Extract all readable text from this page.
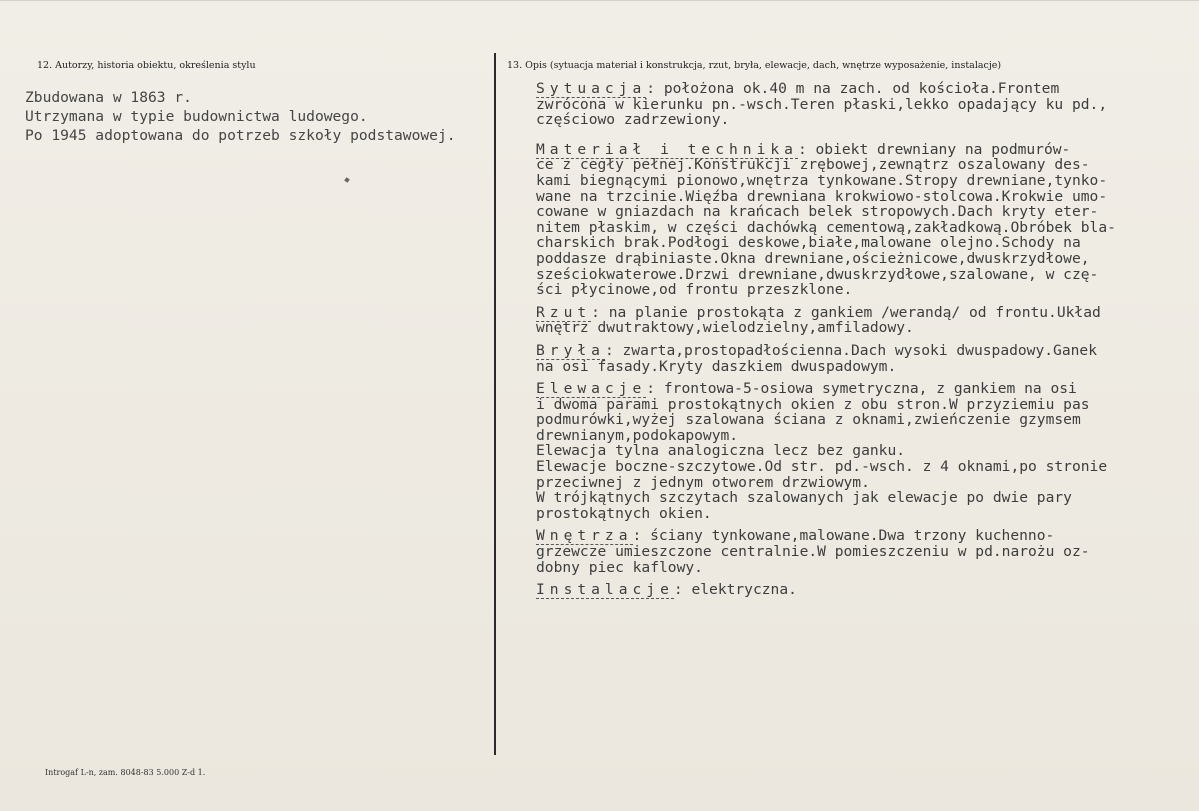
12. Autorzy, historia obiektu, określenia stylu	13. Opis (sytuacja materiał i konstrukcja, rzut, bryła, elewacje, dach, wnętrze wyposażenie, instalacje)
Zbudowana w 1863 r.
Utrzymana w typie budownictwa ludowego.
Po 1945 adoptowana do potrzeb szkoły podstawowej.
Sytuacja: położona ok.40 m na zach. od kościoła.Frontem
zwrócona w kierunku pn.-wsch.Teren płaski,lekko opadający ku pd.,
częściowo zadrzewiony.
Materiał i technika: obiekt drewniany na podmurów-
ce z cegły pełnej.Konstrukcji zrębowej,zewnątrz oszalowany des-
kami biegnącymi pionowo,wnętrza tynkowane.Stropy drewniane,tynko-
wane na trzcinie.Więźba drewniana krokwiowo-stolcowa.Krokwie umo-
cowane w gniazdach na krańcach belek stropowych.Dach kryty eter-
nitem płaskim, w części dachówką cementową,zakładkową.Obróbek bla-
charskich brak.Podłogi deskowe,białe,malowane olejno.Schody na
poddasze drąbiniaste.Okna drewniane,ościeżnicowe,dwuskrzydłowe,
sześciokwaterowe.Drzwi drewniane,dwuskrzydłowe,szalowane, w czę-
ści płycinowe,od frontu przeszklone.
Rzut: na planie prostokąta z gankiem /werandą/ od frontu.Układ
wnętrz dwutraktowy,wielodzielny,amfiladowy.
Bryła: zwarta,prostopadłościenna.Dach wysoki dwuspadowy.Ganek
na osi fasady.Kryty daszkiem dwuspadowym.
Elewacje: frontowa-5-osiowa symetryczna, z gankiem na osi
i dwoma parami prostokątnych okien z obu stron.W przyziemiu pas
podmurówki,wyżej szalowana ściana z oknami,zwieńczenie gzymsem
drewnianym,podokapowym.
Elewacja tylna analogiczna lecz bez ganku.
Elewacje boczne-szczytowe.Od str. pd.-wsch. z 4 oknami,po stronie
przeciwnej z jednym otworem drzwiowym.
W trójkątnych szczytach szalowanych jak elewacje po dwie pary
prostokątnych okien.
Wnętrza: ściany tynkowane,malowane.Dwa trzony kuchenno-
grzewcze umieszczone centralnie.W pomieszczeniu w pd.narożu oz-
dobny piec kaflowy.
Instalacje: elektryczna.
Introgaf L-n, zam. 8048-83 5.000 Z-d 1.
